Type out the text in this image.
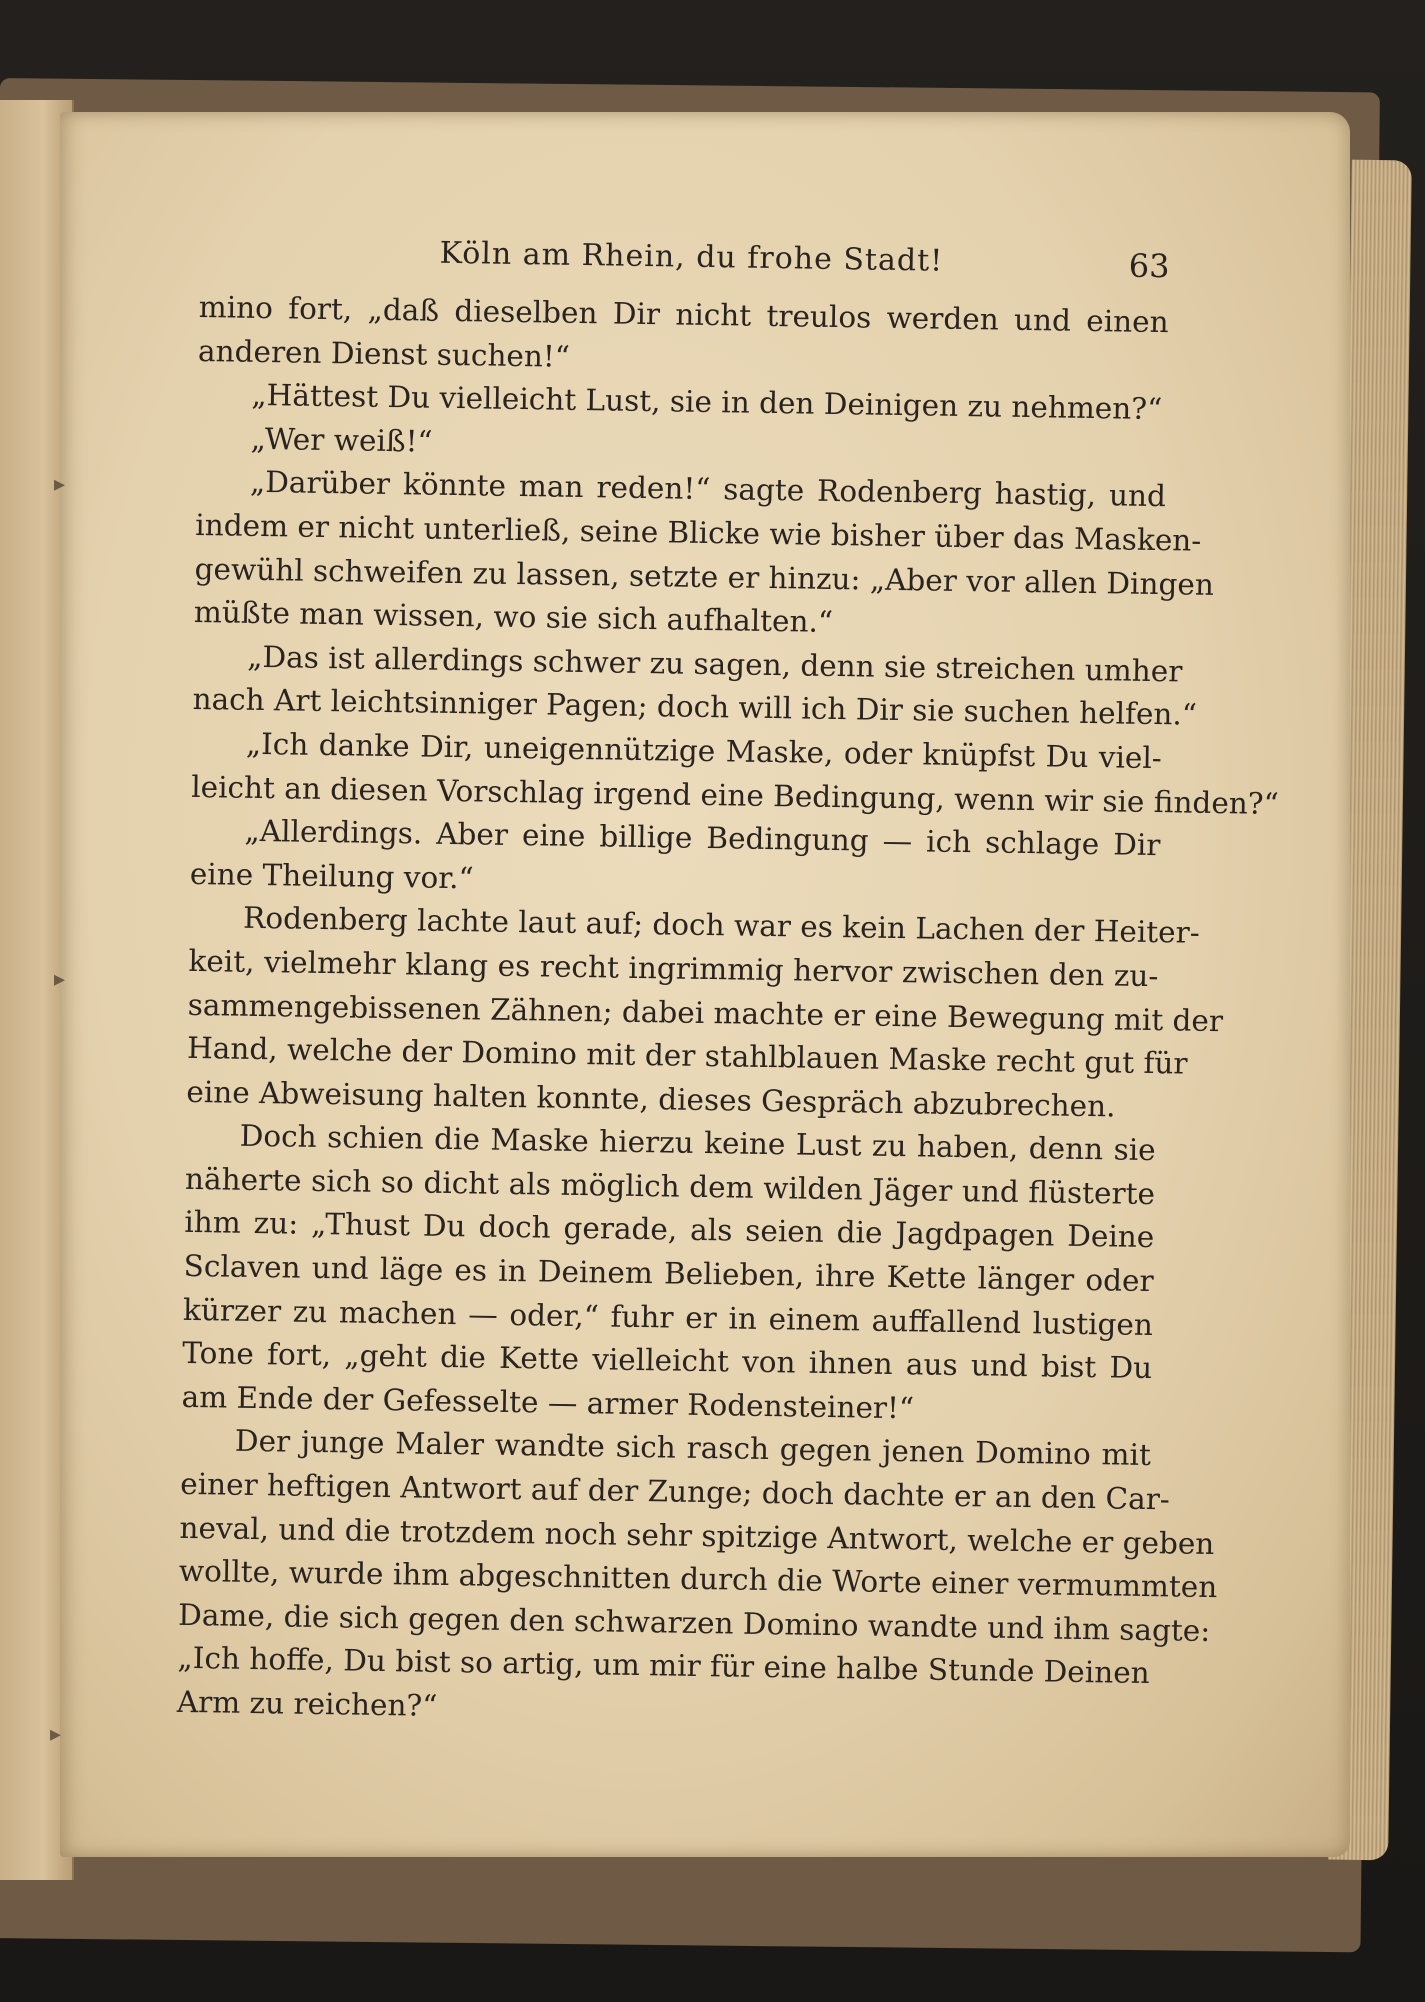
▸
▸
▸
Köln am Rhein, du frohe Stadt!	63
mino fort, „daß dieselben Dir nicht treulos werden und einen
anderen Dienst suchen!“
„Hättest Du vielleicht Lust, sie in den Deinigen zu nehmen?“
„Wer weiß!“
„Darüber könnte man reden!“ sagte Rodenberg hastig, und
indem er nicht unterließ, seine Blicke wie bisher über das Masken-
gewühl schweifen zu lassen, setzte er hinzu: „Aber vor allen Dingen
müßte man wissen, wo sie sich aufhalten.“
„Das ist allerdings schwer zu sagen, denn sie streichen umher
nach Art leichtsinniger Pagen; doch will ich Dir sie suchen helfen.“
„Ich danke Dir, uneigennützige Maske, oder knüpfst Du viel-
leicht an diesen Vorschlag irgend eine Bedingung, wenn wir sie finden?“
„Allerdings. Aber eine billige Bedingung — ich schlage Dir
eine Theilung vor.“
Rodenberg lachte laut auf; doch war es kein Lachen der Heiter-
keit, vielmehr klang es recht ingrimmig hervor zwischen den zu-
sammengebissenen Zähnen; dabei machte er eine Bewegung mit der
Hand, welche der Domino mit der stahlblauen Maske recht gut für
eine Abweisung halten konnte, dieses Gespräch abzubrechen.
Doch schien die Maske hierzu keine Lust zu haben, denn sie
näherte sich so dicht als möglich dem wilden Jäger und flüsterte
ihm zu: „Thust Du doch gerade, als seien die Jagdpagen Deine
Sclaven und läge es in Deinem Belieben, ihre Kette länger oder
kürzer zu machen — oder,“ fuhr er in einem auffallend lustigen
Tone fort, „geht die Kette vielleicht von ihnen aus und bist Du
am Ende der Gefesselte — armer Rodensteiner!“
Der junge Maler wandte sich rasch gegen jenen Domino mit
einer heftigen Antwort auf der Zunge; doch dachte er an den Car-
neval, und die trotzdem noch sehr spitzige Antwort, welche er geben
wollte, wurde ihm abgeschnitten durch die Worte einer vermummten
Dame, die sich gegen den schwarzen Domino wandte und ihm sagte:
„Ich hoffe, Du bist so artig, um mir für eine halbe Stunde Deinen
Arm zu reichen?“
